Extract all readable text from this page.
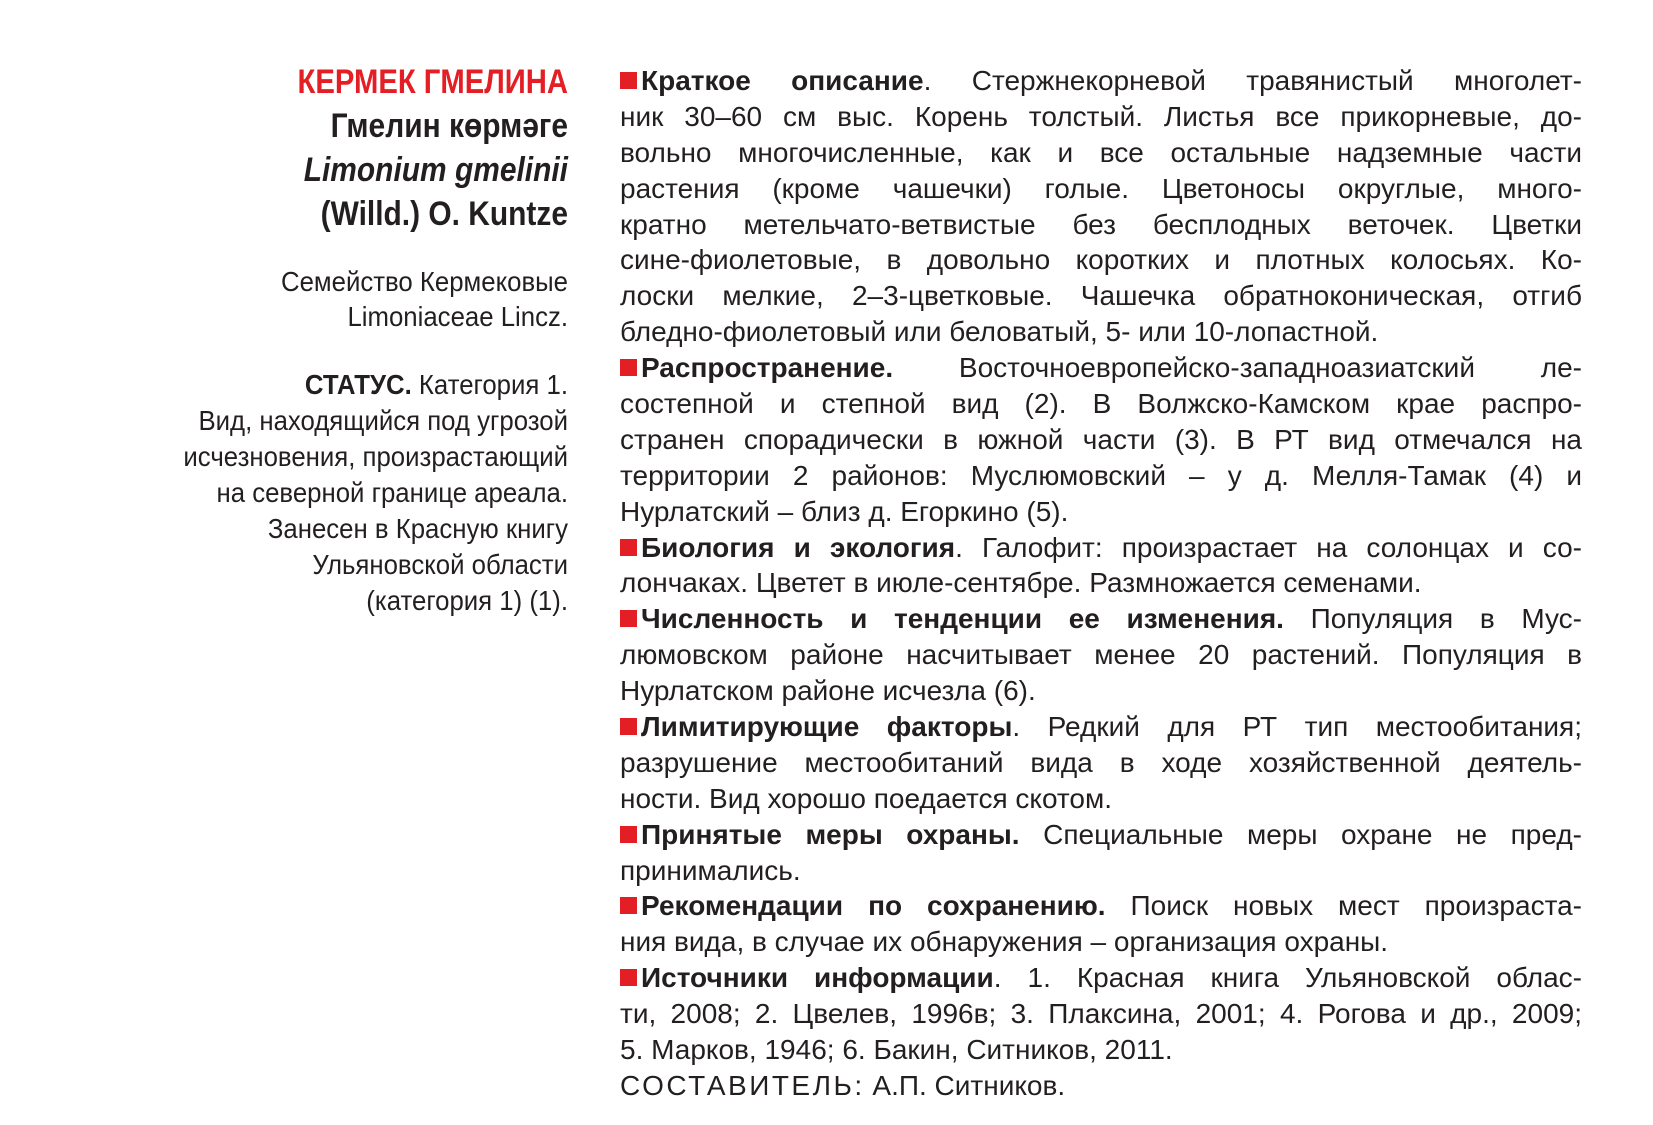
КЕРМЕК ГМЕЛИНА
Гмелин көрмәге
Limonium gmelinii
(Willd.) O. Kuntze
Семейство Кермековые
Limoniaceae Lincz.
СТАТУС. Категория 1.
Вид, находящийся под угрозой
исчезновения, произрастающий
на северной границе ареала.
Занесен в Красную книгу
Ульяновской области
(категория 1) (1).
Краткое описание. Стержнекорневой травянистый многолет-
ник 30–60 см выс. Корень толстый. Листья все прикорневые, до-
вольно многочисленные, как и все остальные надземные части
растения (кроме чашечки) голые. Цветоносы округлые, много-
кратно метельчато-ветвистые без бесплодных веточек. Цветки
сине-фиолетовые, в довольно коротких и плотных колосьях. Ко-
лоски мелкие, 2–3-цветковые. Чашечка обратноконическая, отгиб
бледно-фиолетовый или беловатый, 5- или 10-лопастной.
Распространение. Восточноевропейско-западноазиатский ле-
состепной и степной вид (2). В Волжско-Камском крае распро-
странен спорадически в южной части (3). В РТ вид отмечался на
территории 2 районов: Муслюмовский – у д. Мелля-Тамак (4) и
Нурлатский – близ д. Егоркино (5).
Биология и экология. Галофит: произрастает на солонцах и со-
лончаках. Цветет в июле-сентябре. Размножается семенами.
Численность и тенденции ее изменения. Популяция в Мус-
люмовском районе насчитывает менее 20 растений. Популяция в
Нурлатском районе исчезла (6).
Лимитирующие факторы. Редкий для РТ тип местообитания;
разрушение местообитаний вида в ходе хозяйственной деятель-
ности. Вид хорошо поедается скотом.
Принятые меры охраны. Специальные меры охране не пред-
принимались.
Рекомендации по сохранению. Поиск новых мест произраста-
ния вида, в случае их обнаружения – организация охраны.
Источники информации. 1. Красная книга Ульяновской облас-
ти, 2008; 2. Цвелев, 1996в; 3. Плаксина, 2001; 4. Рогова и др., 2009;
5. Марков, 1946; 6. Бакин, Ситников, 2011.
СОСТАВИТЕЛЬ: А.П. Ситников.
